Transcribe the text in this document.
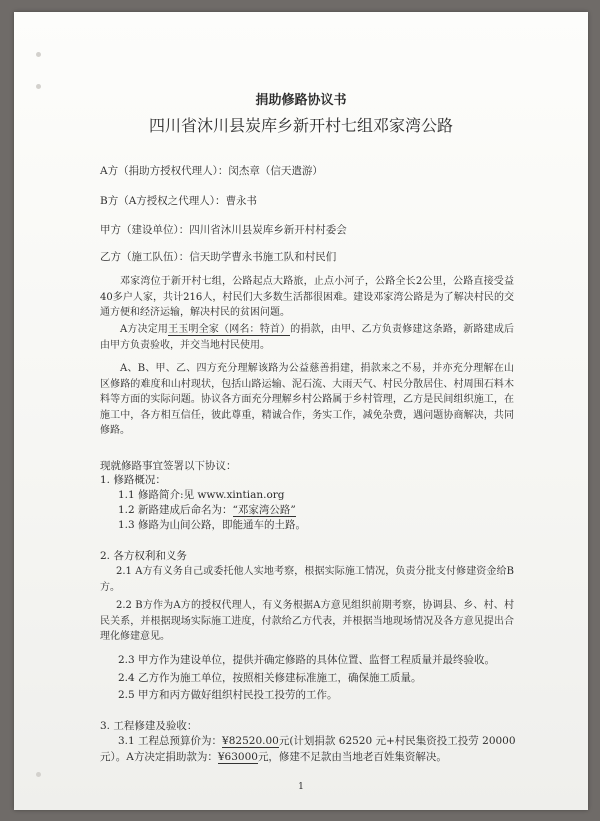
捐助修路协议书
四川省沐川县炭库乡新开村七组邓家湾公路
A方（捐助方授权代理人）：闵杰章（信天遣游）
B方（A方授权之代理人）：曹永书
甲方（建设单位）：四川省沐川县炭库乡新开村村委会
乙方（施工队伍）：信天助学曹永书施工队和村民们

邓家湾位于新开村七组，公路起点大路旅，止点小河子，公路全长2公里，公路直接受益40多户人家，共计216人，村民们大多数生活都很困难。建设邓家湾公路是为了解决村民的交通方便和经济运输，解决村民的贫困问题。

A方决定用王玉明全家（网名：特首）的捐款，由甲、乙方负责修建这条路，新路建成后由甲方负责验收，并交当地村民使用。

A、B、甲、乙、四方充分理解该路为公益慈善捐建，捐款来之不易，并亦充分理解在山区修路的难度和山村现状，包括山路运输、泥石流、大雨天气、村民分散居住、村周围石料木料等方面的实际问题。协议各方面充分理解乡村公路属于乡村管理，乙方是民间组织施工，在施工中，各方相互信任，彼此尊重，精诚合作，务实工作，减免杂费，遇问题协商解决，共同修路。

现就修路事宜签署以下协议：
1. 修路概况：
1.1 修路简介:见 www.xintian.org
1.2 新路建成后命名为：“邓家湾公路”
1.3 修路为山间公路，即能通车的土路。
2. 各方权利和义务

2.1 A方有义务自己或委托他人实地考察，根据实际施工情况，负责分批支付修建资金给B方。

2.2 B方作为A方的授权代理人，有义务根据A方意见组织前期考察，协调县、乡、村、村民关系，并根据现场实际施工进度，付款给乙方代表，并根据当地现场情况及各方意见提出合理化修建意见。

2.3 甲方作为建设单位，提供并确定修路的具体位置、监督工程质量并最终验收。
2.4 乙方作为施工单位，按照相关修建标准施工，确保施工质量。
2.5 甲方和丙方做好组织村民投工投劳的工作。
3. 工程修建及验收：
3.1 工程总预算价为：¥82520.00元(计划捐款 62520 元+村民集资投工投劳 20000
元）。A方决定捐助款为：¥63000元，修建不足款由当地老百姓集资解决。
1
